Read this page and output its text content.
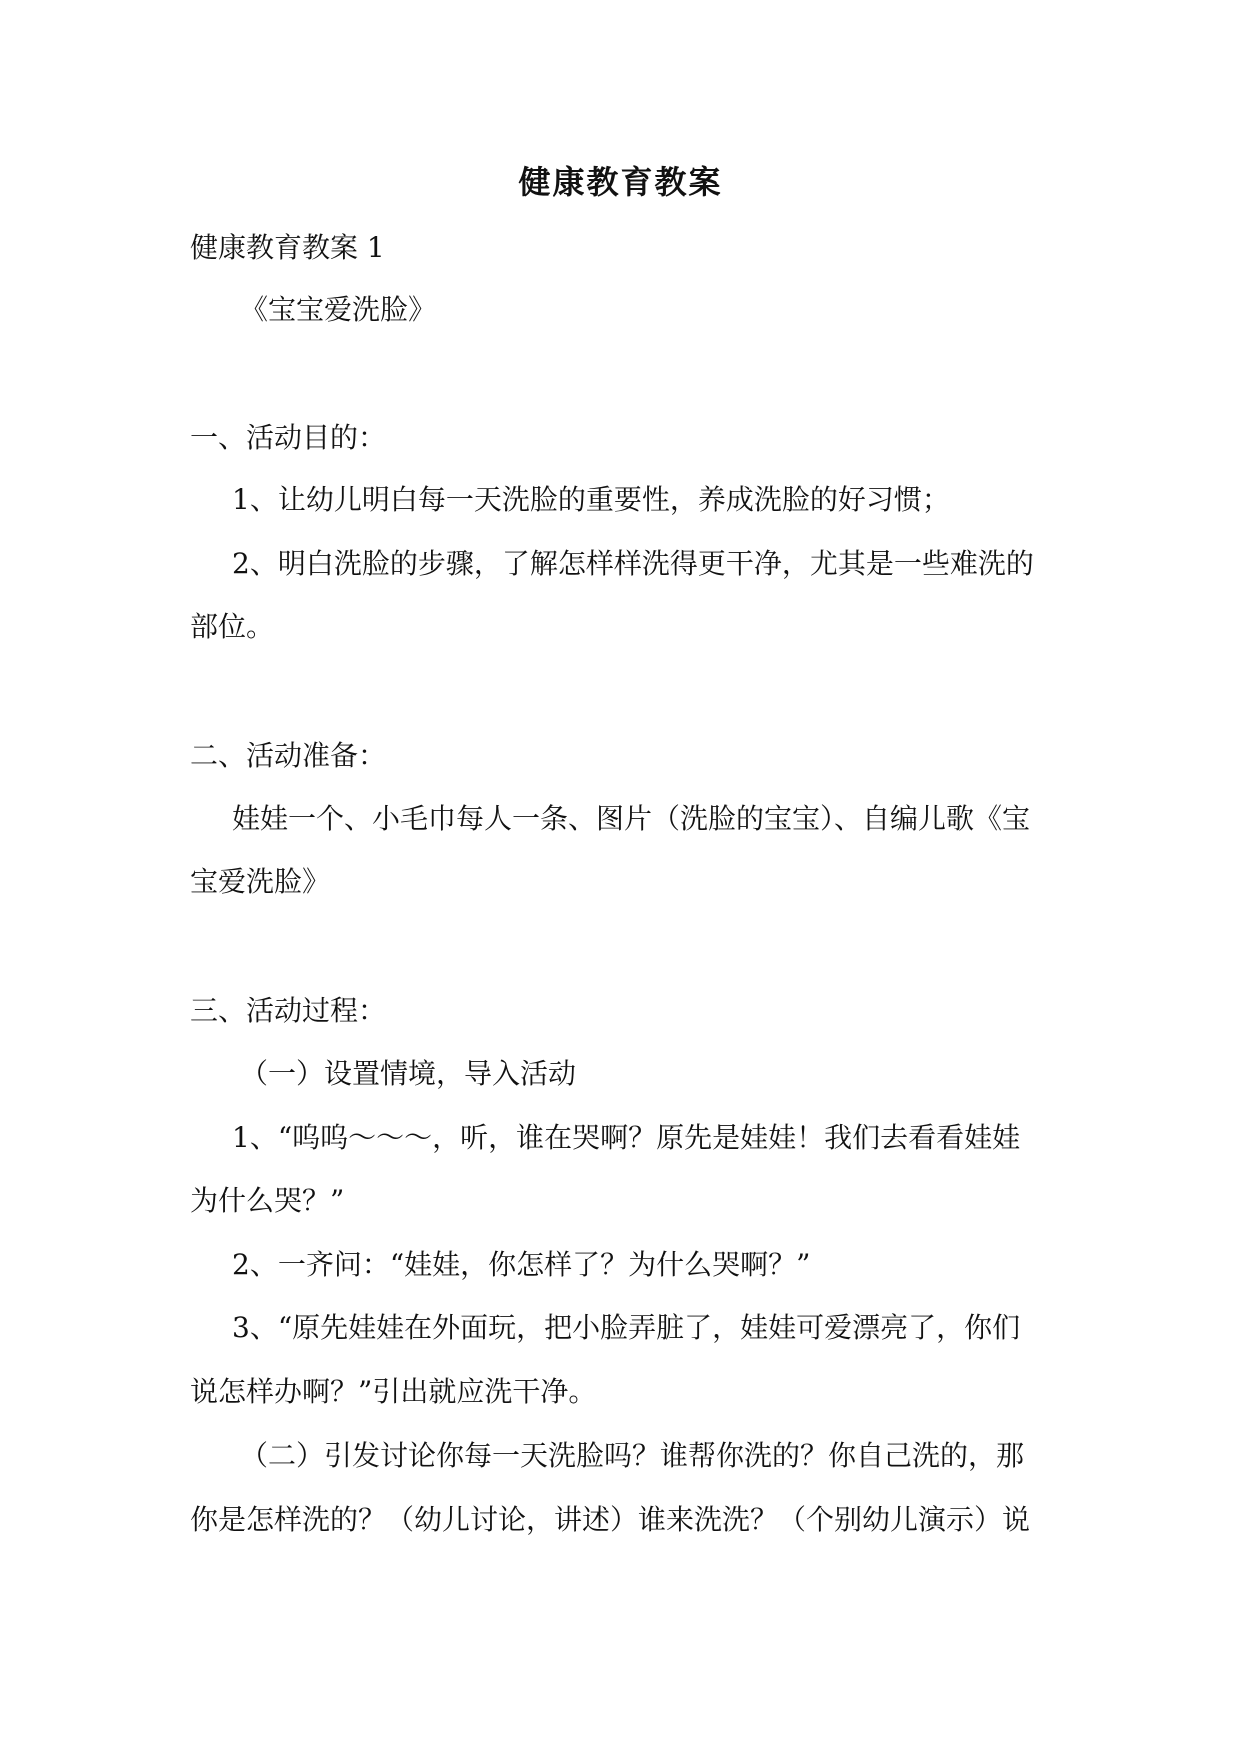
健康教育教案
健康教育教案 1
《宝宝爱洗脸》
一、活动目的：
1、让幼儿明白每一天洗脸的重要性，养成洗脸的好习惯；
2、明白洗脸的步骤，了解怎样样洗得更干净，尤其是一些难洗的
部位。
二、活动准备：
娃娃一个、小毛巾每人一条、图片（洗脸的宝宝）、自编儿歌《宝
宝爱洗脸》
三、活动过程：
（一）设置情境，导入活动
1、“呜呜～～～，听，谁在哭啊？原先是娃娃！我们去看看娃娃
为什么哭？”
2、一齐问：“娃娃，你怎样了？为什么哭啊？”
3、“原先娃娃在外面玩，把小脸弄脏了，娃娃可爱漂亮了，你们
说怎样办啊？”引出就应洗干净。
（二）引发讨论你每一天洗脸吗？谁帮你洗的？你自己洗的，那
你是怎样洗的？（幼儿讨论，讲述）谁来洗洗？（个别幼儿演示）说
